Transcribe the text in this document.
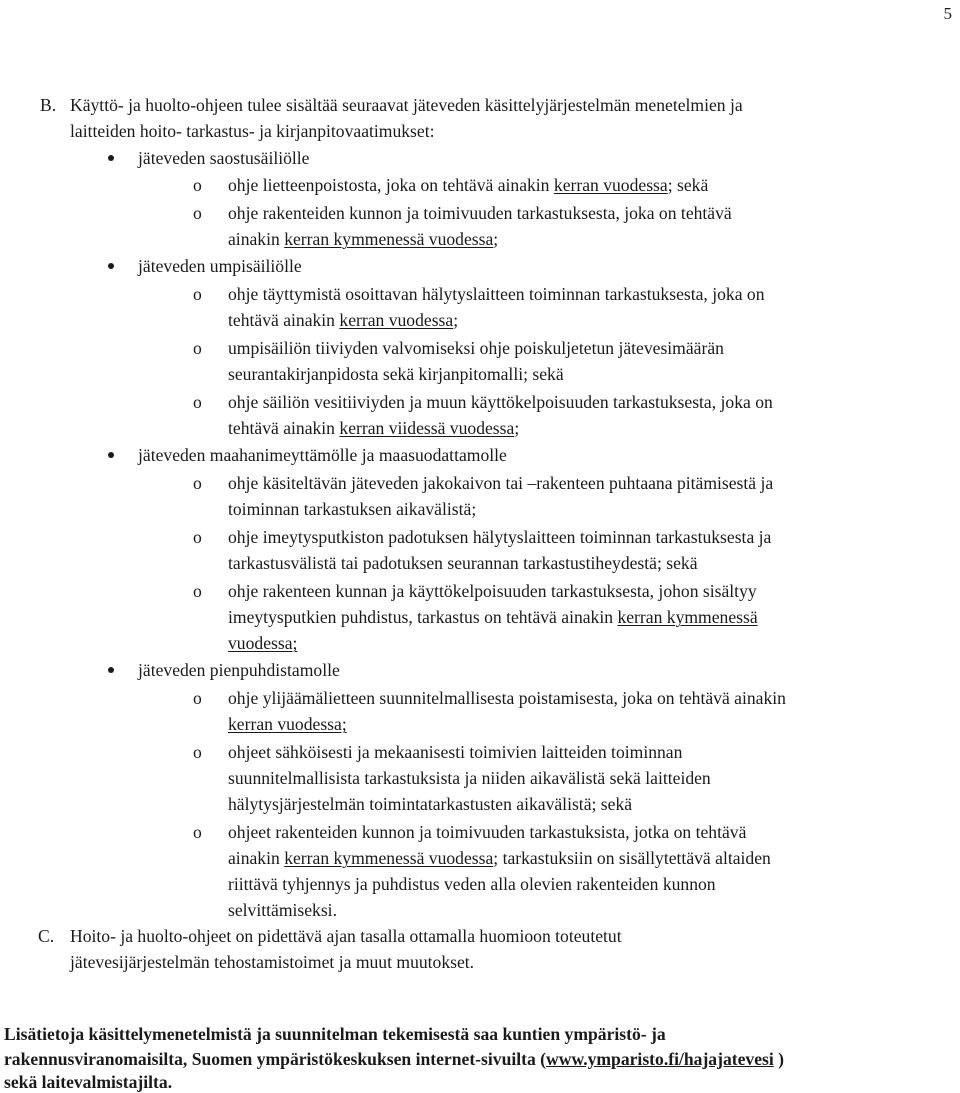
5
B. Käyttö- ja huolto-ohjeen tulee sisältää seuraavat jäteveden käsittelyjärjestelmän menetelmien ja
laitteiden hoito- tarkastus- ja kirjanpitovaatimukset:
jäteveden saostusäiliölle
o ohje lietteenpoistosta, joka on tehtävä ainakin kerran vuodessa; sekä
o ohje rakenteiden kunnon ja toimivuuden tarkastuksesta, joka on tehtävä
ainakin kerran kymmenessä vuodessa;
jäteveden umpisäiliölle
o ohje täyttymistä osoittavan hälytyslaitteen toiminnan tarkastuksesta, joka on
tehtävä ainakin kerran vuodessa;
o umpisäiliön tiiviyden valvomiseksi ohje poiskuljetetun jätevesimäärän
seurantakirjanpidosta sekä kirjanpitomalli; sekä
o ohje säiliön vesitiiviyden ja muun käyttökelpoisuuden tarkastuksesta, joka on
tehtävä ainakin kerran viidessä vuodessa;
jäteveden maahanimeyttämölle ja maasuodattamolle
o ohje käsiteltävän jäteveden jakokaivon tai –rakenteen puhtaana pitämisestä ja
toiminnan tarkastuksen aikavälistä;
o ohje imeytysputkiston padotuksen hälytyslaitteen toiminnan tarkastuksesta ja
tarkastusvälistä tai padotuksen seurannan tarkastustiheydestä; sekä
o ohje rakenteen kunnan ja käyttökelpoisuuden tarkastuksesta, johon sisältyy
imeytysputkien puhdistus, tarkastus on tehtävä ainakin kerran kymmenessä
vuodessa;
jäteveden pienpuhdistamolle
o ohje ylijäämälietteen suunnitelmallisesta poistamisesta, joka on tehtävä ainakin
kerran vuodessa;
o ohjeet sähköisesti ja mekaanisesti toimivien laitteiden toiminnan
suunnitelmallisista tarkastuksista ja niiden aikavälistä sekä laitteiden
hälytysjärjestelmän toimintatarkastusten aikavälistä; sekä
o ohjeet rakenteiden kunnon ja toimivuuden tarkastuksista, jotka on tehtävä
ainakin kerran kymmenessä vuodessa; tarkastuksiin on sisällytettävä altaiden
riittävä tyhjennys ja puhdistus veden alla olevien rakenteiden kunnon
selvittämiseksi.
C. Hoito- ja huolto-ohjeet on pidettävä ajan tasalla ottamalla huomioon toteutetut
jätevesijärjestelmän tehostamistoimet ja muut muutokset.
Lisätietoja käsittelymenetelmistä ja suunnitelman tekemisestä saa kuntien ympäristö- ja
rakennusviranomaisilta, Suomen ympäristökeskuksen internet-sivuilta (www.ymparisto.fi/hajajatevesi )
sekä laitevalmistajilta.
